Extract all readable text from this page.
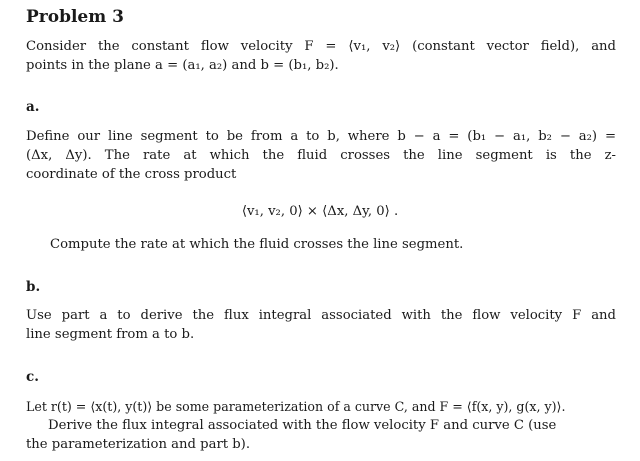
Problem 3
Consider the constant flow velocity F = ⟨v₁, v₂⟩ (constant vector field), and
points in the plane a = (a₁, a₂) and b = (b₁, b₂).
a.
Define our line segment to be from a to b, where b − a = (b₁ − a₁, b₂ − a₂) =
(Δx, Δy). The rate at which the fluid crosses the line segment is the z-
coordinate of the cross product
⟨v₁, v₂, 0⟩ × ⟨Δx, Δy, 0⟩ .
Compute the rate at which the fluid crosses the line segment.
b.
Use part a to derive the flux integral associated with the flow velocity F and
line segment from a to b.
c.
Let r(t) = ⟨x(t), y(t)⟩ be some parameterization of a curve C, and F = ⟨f(x, y), g(x, y)⟩.
Derive the flux integral associated with the flow velocity F and curve C (use
the parameterization and part b).
